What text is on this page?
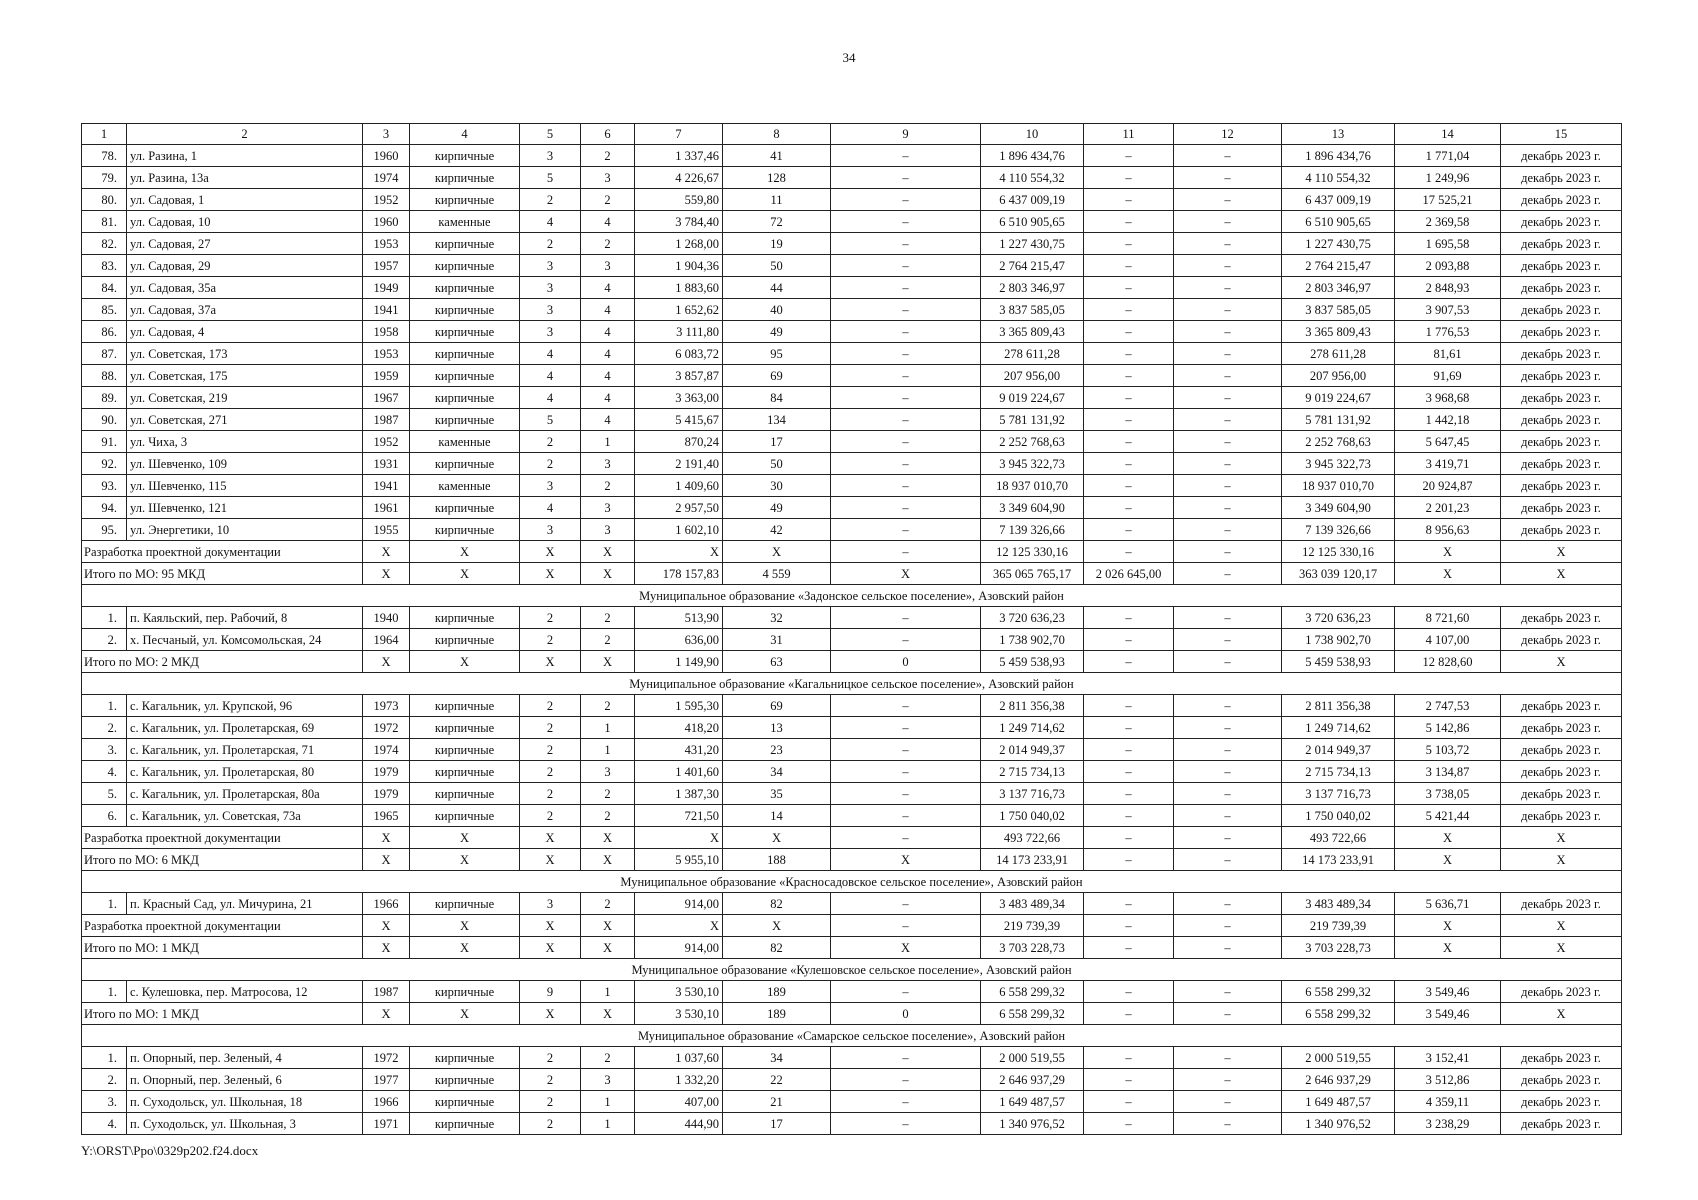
34
1	2	3	4	5	6	7	8	9	10	11	12	13	14	15
78.	ул. Разина, 1	1960	кирпичные	3	2	1 337,46	41	–	1 896 434,76	–	–	1 896 434,76	1 771,04	декабрь 2023 г.
79.	ул. Разина, 13а	1974	кирпичные	5	3	4 226,67	128	–	4 110 554,32	–	–	4 110 554,32	1 249,96	декабрь 2023 г.
80.	ул. Садовая, 1	1952	кирпичные	2	2	559,80	11	–	6 437 009,19	–	–	6 437 009,19	17 525,21	декабрь 2023 г.
81.	ул. Садовая, 10	1960	каменные	4	4	3 784,40	72	–	6 510 905,65	–	–	6 510 905,65	2 369,58	декабрь 2023 г.
82.	ул. Садовая, 27	1953	кирпичные	2	2	1 268,00	19	–	1 227 430,75	–	–	1 227 430,75	1 695,58	декабрь 2023 г.
83.	ул. Садовая, 29	1957	кирпичные	3	3	1 904,36	50	–	2 764 215,47	–	–	2 764 215,47	2 093,88	декабрь 2023 г.
84.	ул. Садовая, 35а	1949	кирпичные	3	4	1 883,60	44	–	2 803 346,97	–	–	2 803 346,97	2 848,93	декабрь 2023 г.
85.	ул. Садовая, 37а	1941	кирпичные	3	4	1 652,62	40	–	3 837 585,05	–	–	3 837 585,05	3 907,53	декабрь 2023 г.
86.	ул. Садовая, 4	1958	кирпичные	3	4	3 111,80	49	–	3 365 809,43	–	–	3 365 809,43	1 776,53	декабрь 2023 г.
87.	ул. Советская, 173	1953	кирпичные	4	4	6 083,72	95	–	278 611,28	–	–	278 611,28	81,61	декабрь 2023 г.
88.	ул. Советская, 175	1959	кирпичные	4	4	3 857,87	69	–	207 956,00	–	–	207 956,00	91,69	декабрь 2023 г.
89.	ул. Советская, 219	1967	кирпичные	4	4	3 363,00	84	–	9 019 224,67	–	–	9 019 224,67	3 968,68	декабрь 2023 г.
90.	ул. Советская, 271	1987	кирпичные	5	4	5 415,67	134	–	5 781 131,92	–	–	5 781 131,92	1 442,18	декабрь 2023 г.
91.	ул. Чиха, 3	1952	каменные	2	1	870,24	17	–	2 252 768,63	–	–	2 252 768,63	5 647,45	декабрь 2023 г.
92.	ул. Шевченко, 109	1931	кирпичные	2	3	2 191,40	50	–	3 945 322,73	–	–	3 945 322,73	3 419,71	декабрь 2023 г.
93.	ул. Шевченко, 115	1941	каменные	3	2	1 409,60	30	–	18 937 010,70	–	–	18 937 010,70	20 924,87	декабрь 2023 г.
94.	ул. Шевченко, 121	1961	кирпичные	4	3	2 957,50	49	–	3 349 604,90	–	–	3 349 604,90	2 201,23	декабрь 2023 г.
95.	ул. Энергетики, 10	1955	кирпичные	3	3	1 602,10	42	–	7 139 326,66	–	–	7 139 326,66	8 956,63	декабрь 2023 г.
Разработка проектной документации		X	X	X	X	X	X	–	12 125 330,16	–	–	12 125 330,16	X	X
Итого по МО: 95 МКД		X	X	X	X	178 157,83	4 559	X	365 065 765,17	2 026 645,00	–	363 039 120,17	X	X
Муниципальное образование «Задонское сельское поселение», Азовский район														
1.	п. Каяльский, пер. Рабочий, 8	1940	кирпичные	2	2	513,90	32	–	3 720 636,23	–	–	3 720 636,23	8 721,60	декабрь 2023 г.
2.	х. Песчаный, ул. Комсомольская, 24	1964	кирпичные	2	2	636,00	31	–	1 738 902,70	–	–	1 738 902,70	4 107,00	декабрь 2023 г.
Итого по МО: 2 МКД		X	X	X	X	1 149,90	63	0	5 459 538,93	–	–	5 459 538,93	12 828,60	X
Муниципальное образование «Кагальницкое сельское поселение», Азовский район														
1.	с. Кагальник, ул. Крупской, 96	1973	кирпичные	2	2	1 595,30	69	–	2 811 356,38	–	–	2 811 356,38	2 747,53	декабрь 2023 г.
2.	с. Кагальник, ул. Пролетарская, 69	1972	кирпичные	2	1	418,20	13	–	1 249 714,62	–	–	1 249 714,62	5 142,86	декабрь 2023 г.
3.	с. Кагальник, ул. Пролетарская, 71	1974	кирпичные	2	1	431,20	23	–	2 014 949,37	–	–	2 014 949,37	5 103,72	декабрь 2023 г.
4.	с. Кагальник, ул. Пролетарская, 80	1979	кирпичные	2	3	1 401,60	34	–	2 715 734,13	–	–	2 715 734,13	3 134,87	декабрь 2023 г.
5.	с. Кагальник, ул. Пролетарская, 80а	1979	кирпичные	2	2	1 387,30	35	–	3 137 716,73	–	–	3 137 716,73	3 738,05	декабрь 2023 г.
6.	с. Кагальник, ул. Советская, 73а	1965	кирпичные	2	2	721,50	14	–	1 750 040,02	–	–	1 750 040,02	5 421,44	декабрь 2023 г.
Разработка проектной документации		X	X	X	X	X	X	–	493 722,66	–	–	493 722,66	X	X
Итого по МО: 6 МКД		X	X	X	X	5 955,10	188	X	14 173 233,91	–	–	14 173 233,91	X	X
Муниципальное образование «Красносадовское сельское поселение», Азовский район														
1.	п. Красный Сад, ул. Мичурина, 21	1966	кирпичные	3	2	914,00	82	–	3 483 489,34	–	–	3 483 489,34	5 636,71	декабрь 2023 г.
Разработка проектной документации		X	X	X	X	X	X	–	219 739,39	–	–	219 739,39	X	X
Итого по МО: 1 МКД		X	X	X	X	914,00	82	X	3 703 228,73	–	–	3 703 228,73	X	X
Муниципальное образование «Кулешовское сельское поселение», Азовский район														
1.	с. Кулешовка, пер. Матросова, 12	1987	кирпичные	9	1	3 530,10	189	–	6 558 299,32	–	–	6 558 299,32	3 549,46	декабрь 2023 г.
Итого по МО: 1 МКД		X	X	X	X	3 530,10	189	0	6 558 299,32	–	–	6 558 299,32	3 549,46	X
Муниципальное образование «Самарское сельское поселение», Азовский район														
1.	п. Опорный, пер. Зеленый, 4	1972	кирпичные	2	2	1 037,60	34	–	2 000 519,55	–	–	2 000 519,55	3 152,41	декабрь 2023 г.
2.	п. Опорный, пер. Зеленый, 6	1977	кирпичные	2	3	1 332,20	22	–	2 646 937,29	–	–	2 646 937,29	3 512,86	декабрь 2023 г.
3.	п. Суходольск, ул. Школьная, 18	1966	кирпичные	2	1	407,00	21	–	1 649 487,57	–	–	1 649 487,57	4 359,11	декабрь 2023 г.
4.	п. Суходольск, ул. Школьная, 3	1971	кирпичные	2	1	444,90	17	–	1 340 976,52	–	–	1 340 976,52	3 238,29	декабрь 2023 г.
Y:\ORST\Ppo\0329p202.f24.docx
